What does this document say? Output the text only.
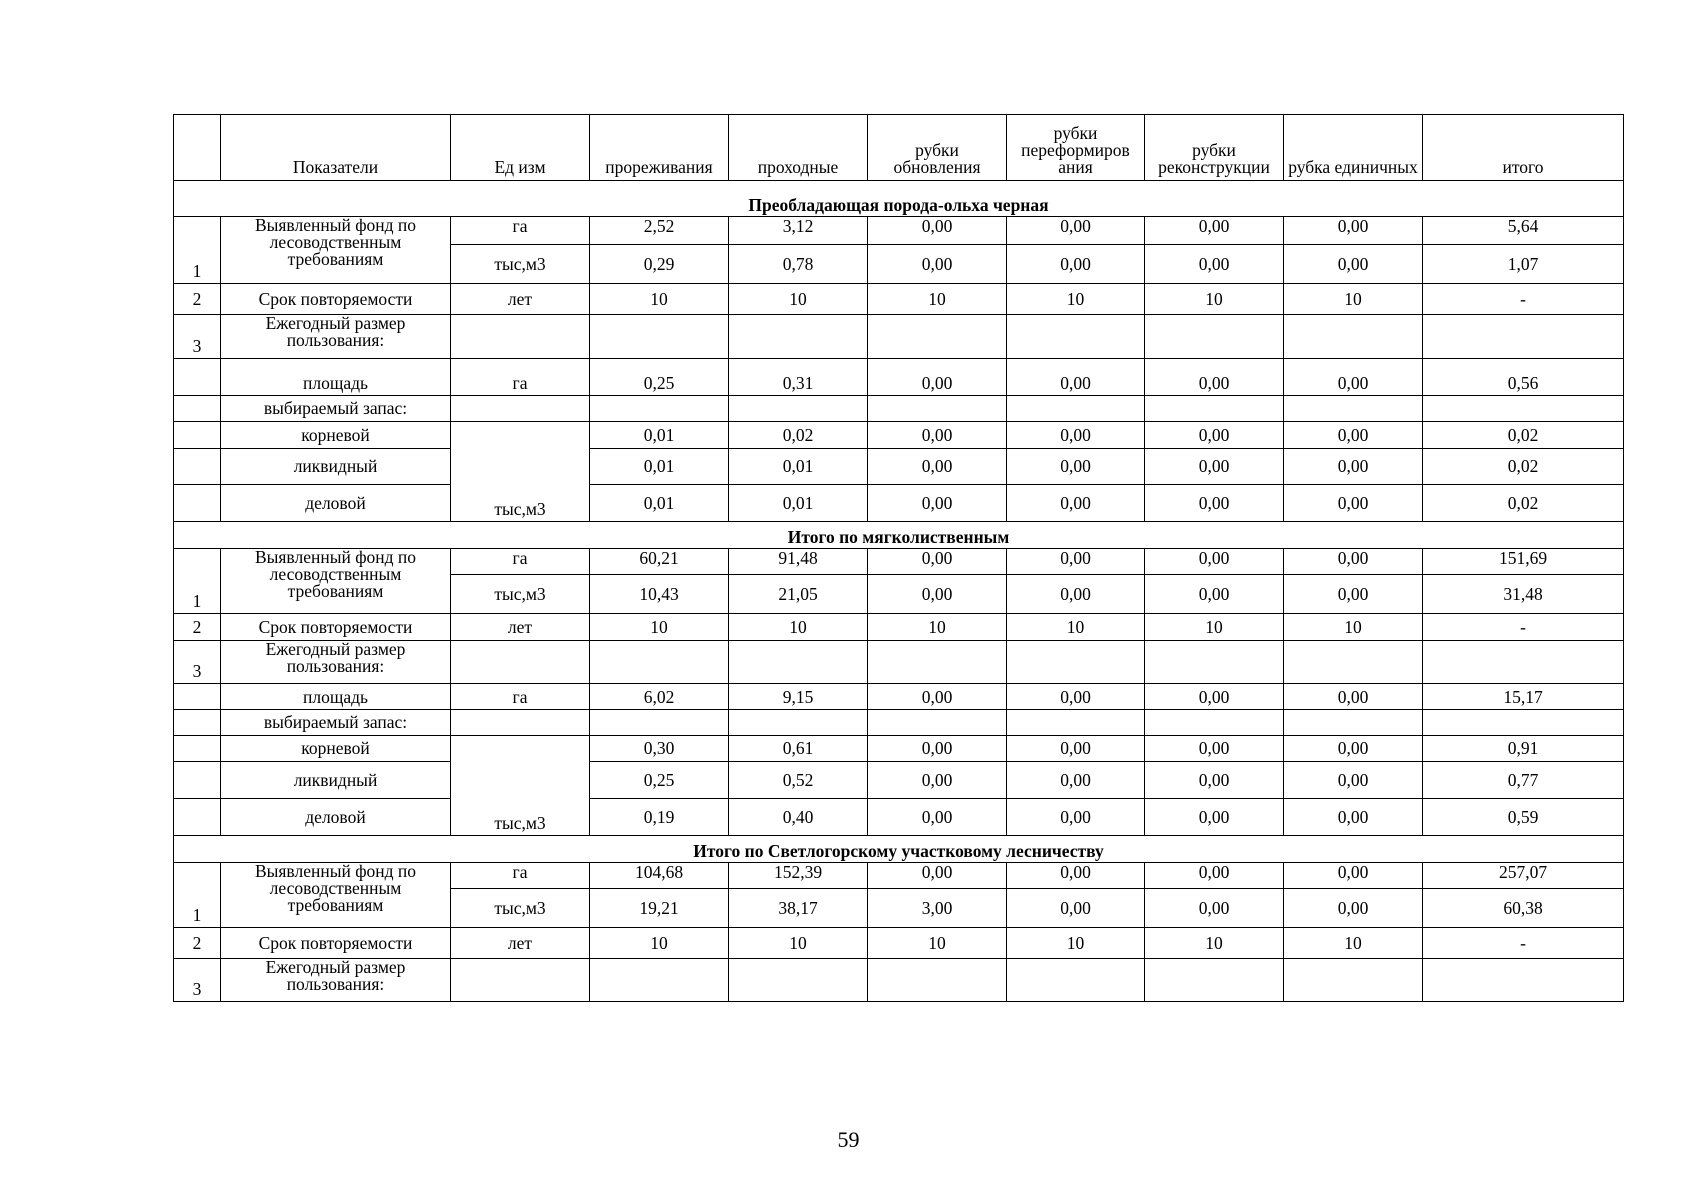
	Показатели	Ед изм	прореживания	проходные	рубки обновления	рубки переформиров ания	рубки реконструкции	рубка единичных	итого
Преобладающая порода-ольха черная									
1	Выявленный фонд по лесоводственным требованиям	га	2,52	3,12	0,00	0,00	0,00	0,00	5,64
		тыс,м3	0,29	0,78	0,00	0,00	0,00	0,00	1,07
2	Срок повторяемости	лет	10	10	10	10	10	10	-
3	Ежегодный размер пользования:								
	площадь	га	0,25	0,31	0,00	0,00	0,00	0,00	0,56
	выбираемый запас:								
	корневой	тыс,м3	0,01	0,02	0,00	0,00	0,00	0,00	0,02
	ликвидный		0,01	0,01	0,00	0,00	0,00	0,00	0,02
	деловой		0,01	0,01	0,00	0,00	0,00	0,00	0,02
Итого по мягколиственным									
1	Выявленный фонд по лесоводственным требованиям	га	60,21	91,48	0,00	0,00	0,00	0,00	151,69
		тыс,м3	10,43	21,05	0,00	0,00	0,00	0,00	31,48
2	Срок повторяемости	лет	10	10	10	10	10	10	-
3	Ежегодный размер пользования:								
	площадь	га	6,02	9,15	0,00	0,00	0,00	0,00	15,17
	выбираемый запас:								
	корневой	тыс,м3	0,30	0,61	0,00	0,00	0,00	0,00	0,91
	ликвидный		0,25	0,52	0,00	0,00	0,00	0,00	0,77
	деловой		0,19	0,40	0,00	0,00	0,00	0,00	0,59
Итого по Светлогорскому участковому лесничеству									
1	Выявленный фонд по лесоводственным требованиям	га	104,68	152,39	0,00	0,00	0,00	0,00	257,07
		тыс,м3	19,21	38,17	3,00	0,00	0,00	0,00	60,38
2	Срок повторяемости	лет	10	10	10	10	10	10	-
3	Ежегодный размер пользования:								
59
